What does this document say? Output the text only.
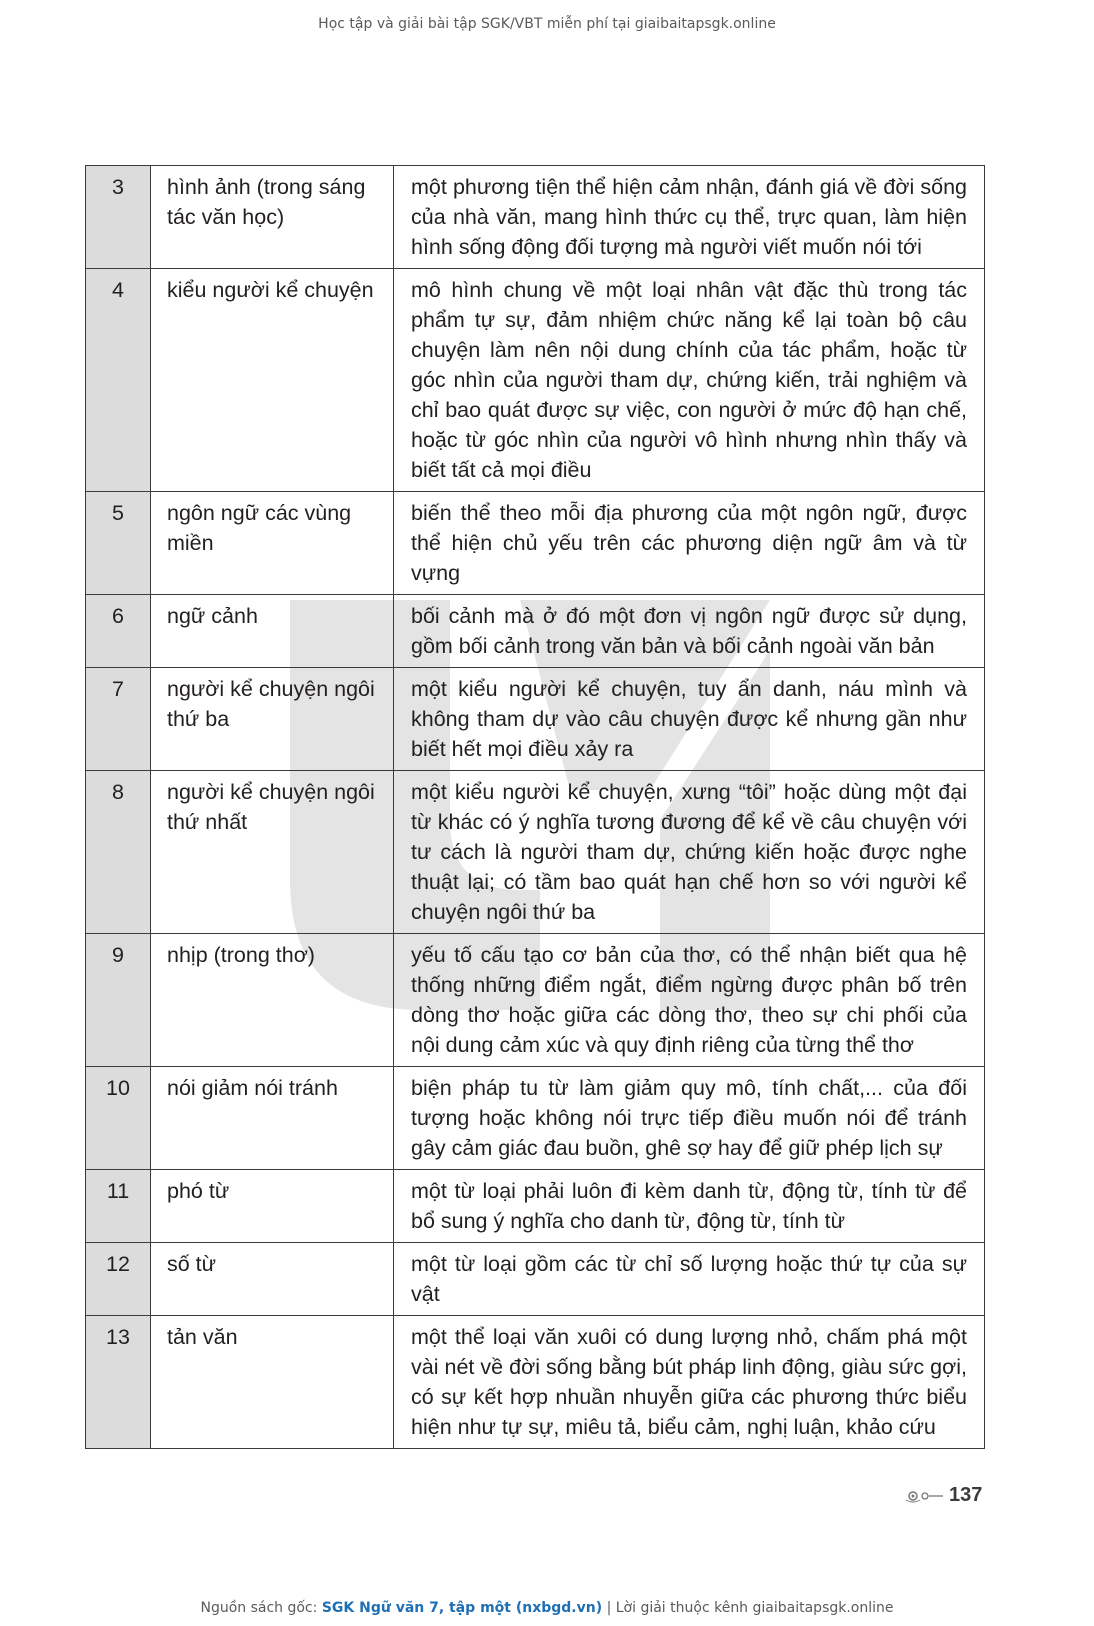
Học tập và giải bài tập SGK/VBT miễn phí tại giaibaitapsgk.online
3	hình ảnh (trong sáng tác văn học)	một phương tiện thể hiện cảm nhận, đánh giá về đời sống của nhà văn, mang hình thức cụ thể, trực quan, làm hiện hình sống động đối tượng mà người viết muốn nói tới
4	kiểu người kể chuyện	mô hình chung về một loại nhân vật đặc thù trong tác phẩm tự sự, đảm nhiệm chức năng kể lại toàn bộ câu chuyện làm nên nội dung chính của tác phẩm, hoặc từ góc nhìn của người tham dự, chứng kiến, trải nghiệm và chỉ bao quát được sự việc, con người ở mức độ hạn chế, hoặc từ góc nhìn của người vô hình nhưng nhìn thấy và biết tất cả mọi điều
5	ngôn ngữ các vùng miền	biến thể theo mỗi địa phương của một ngôn ngữ, được thể hiện chủ yếu trên các phương diện ngữ âm và từ vựng
6	ngữ cảnh	bối cảnh mà ở đó một đơn vị ngôn ngữ được sử dụng, gồm bối cảnh trong văn bản và bối cảnh ngoài văn bản
7	người kể chuyện ngôi thứ ba	một kiểu người kể chuyện, tuy ẩn danh, náu mình và không tham dự vào câu chuyện được kể nhưng gần như biết hết mọi điều xảy ra
8	người kể chuyện ngôi thứ nhất	một kiểu người kể chuyện, xưng “tôi” hoặc dùng một đại từ khác có ý nghĩa tương đương để kể về câu chuyện với tư cách là người tham dự, chứng kiến hoặc được nghe thuật lại; có tầm bao quát hạn chế hơn so với người kể chuyện ngôi thứ ba
9	nhịp (trong thơ)	yếu tố cấu tạo cơ bản của thơ, có thể nhận biết qua hệ thống những điểm ngắt, điểm ngừng được phân bố trên dòng thơ hoặc giữa các dòng thơ, theo sự chi phối của nội dung cảm xúc và quy định riêng của từng thể thơ
10	nói giảm nói tránh	biện pháp tu từ làm giảm quy mô, tính chất,... của đối tượng hoặc không nói trực tiếp điều muốn nói để tránh gây cảm giác đau buồn, ghê sợ hay để giữ phép lịch sự
11	phó từ	một từ loại phải luôn đi kèm danh từ, động từ, tính từ để bổ sung ý nghĩa cho danh từ, động từ, tính từ
12	số từ	một từ loại gồm các từ chỉ số lượng hoặc thứ tự của sự vật
13	tản văn	một thể loại văn xuôi có dung lượng nhỏ, chấm phá một vài nét về đời sống bằng bút pháp linh động, giàu sức gợi, có sự kết hợp nhuần nhuyễn giữa các phương thức biểu hiện như tự sự, miêu tả, biểu cảm, nghị luận, khảo cứu
137
Nguồn sách gốc: SGK Ngữ văn 7, tập một (nxbgd.vn) | Lời giải thuộc kênh giaibaitapsgk.online
